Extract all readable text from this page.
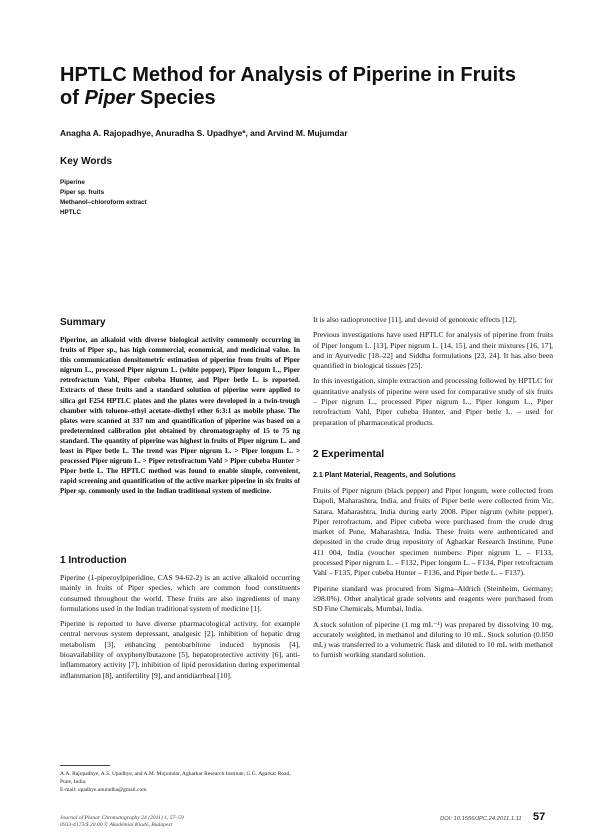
HPTLC Method for Analysis of Piperine in Fruits
of Piper Species
Anagha A. Rajopadhye, Anuradha S. Upadhye*, and Arvind M. Mujumdar
Key Words
Piperine
Piper sp. fruits
Methanol–chloroform extract
HPTLC
Summary

Piperine, an alkaloid with diverse biological activity commonly occurring in fruits of Piper sp., has high commercial, economical, and medicinal value. In this communication densitometric estimation of piperine from fruits of Piper nigrum L., processed Piper nigrum L. (white pepper), Piper longum L., Piper retrofractum Vahl, Piper cubeba Hunter, and Piper betle L. is reported. Extracts of these fruits and a standard solution of piperine were applied to silica gel F254 HPTLC plates and the plates were developed in a twin-trough chamber with toluene–ethyl acetate–diethyl ether 6:3:1 as mobile phase. The plates were scanned at 337 nm and quantification of piperine was based on a predetermined calibration plot obtained by chromatography of 15 to 75 ng standard. The quantity of piperine was highest in fruits of Piper nigrum L. and least in Piper betle L. The trend was Piper nigrum L. > Piper longum L. > processed Piper nigrum L. > Piper retrofractum Vahl > Piper cubeba Hunter > Piper betle L. The HPTLC method was found to enable simple, convenient, rapid screening and quantification of the active marker piperine in six fruits of Piper sp. commonly used in the Indian traditional system of medicine.

1 Introduction

Piperine (1-piperoylpiperidine, CAS 94-62-2) is an active alkaloid occurring mainly in fruits of Piper species, which are common food constituents consumed throughout the world. These fruits are also ingredients of many formulations used in the Indian traditional system of medicine [1].

Piperine is reported to have diverse pharmacological activity, for example central nervous system depressant, analgesic [2], inhibition of hepatic drug metabolism [3], enhancing pentobarbitone induced hypnosis [4], bioavailability of oxyphenylbutazone [5], hepatoprotective activity [6], anti-inflammatory activity [7], inhibition of lipid peroxidation during experimental inflammation [8], antifertility [9], and antidiarrheal [10].

It is also radioprotective [11], and devoid of genotoxic effects [12].

Previous investigations have used HPTLC for analysis of piperine from fruits of Piper longum L. [13], Piper nigrum L. [14, 15], and their mixtures [16, 17], and in Ayurvedic [18–22] and Siddha formulations [23, 24]. It has also been quantified in biological tissues [25].

In this investigation, simple extraction and processing followed by HPTLC for quantitative analysis of piperine were used for comparative study of six fruits – Piper nigrum L., processed Piper nigrum L., Piper longum L., Piper retrofractum Vahl, Piper cubeba Hunter, and Piper betle L. – used for preparation of pharmaceutical products.

2 Experimental
2.1 Plant Material, Reagents, and Solutions

Fruits of Piper nigrum (black pepper) and Piper longum, were collected from Dapoli, Maharashtra, India, and fruits of Piper betle were collected from Vir, Satara, Maharashtra, India during early 2008. Piper nigrum (white pepper), Piper retrofractum, and Piper cubeba were purchased from the crude drug market of Pune, Maharashtra, India. These fruits were authenticated and deposited in the crude drug repository of Agharkar Research Institute, Pune 411 004, India (voucher specimen numbers: Piper nigrum L. – F133, processed Piper nigrum L. – F132, Piper longum L. – F134, Piper retrofractum Vahl – F135, Piper cubeba Hunter – F136, and Piper betle L. – F137).

Piperine standard was procured from Sigma–Aldrich (Steinheim, Germany; ≥98.0%). Other analytical grade solvents and reagents were purchased from SD Fine Chemicals, Mumbai, India.

A stock solution of piperine (1 mg mL⁻¹) was prepared by dissolving 10 mg, accurately weighted, in methanol and diluting to 10 mL. Stock solution (0.050 mL) was transferred to a volumetric flask and diluted to 10 mL with methanol to furnish working standard solution.

A.A. Rajopadhye, A.S. Upadhye, and A.M. Mujumdar, Agharkar Research Institute, G.G. Agarkar Road, Pune, India.
E-mail: upadhye.anuradha@gmail.com
Journal of Planar Chromatography 24 (2011) 1, 57–59
0933-4173/$ 20.00 © Akadémiai Kiadó, Budapest
DOI: 10.1556/JPC.24.2011.1.11	57
